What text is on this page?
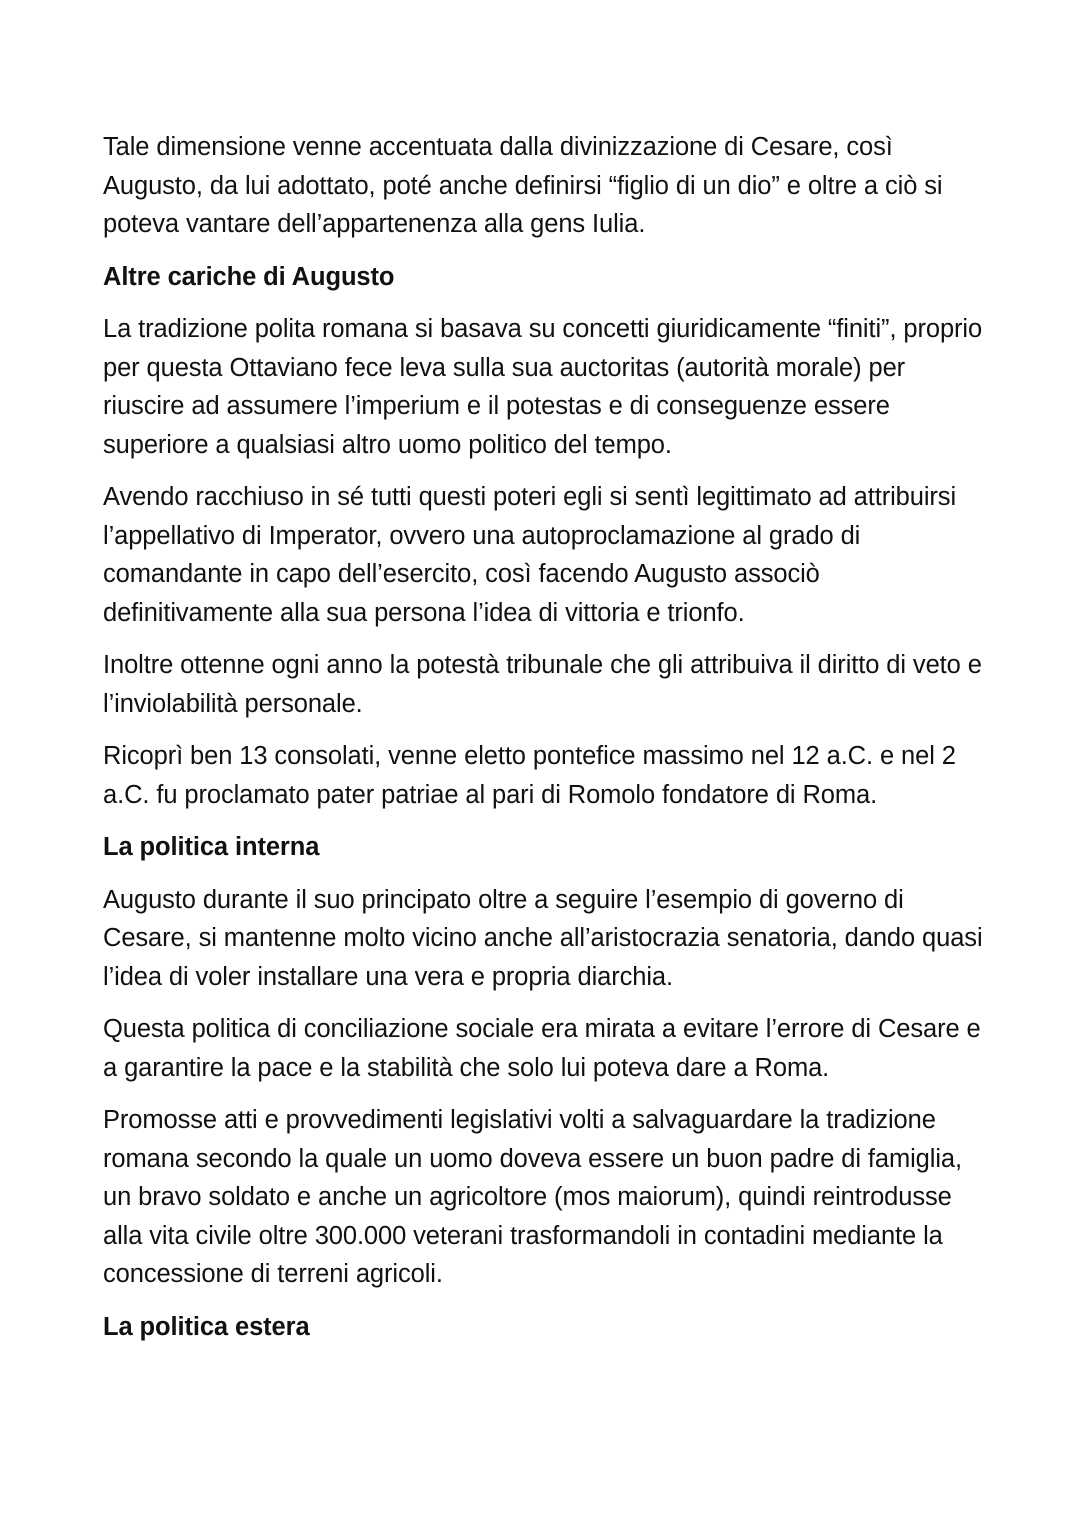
Tale dimensione venne accentuata dalla divinizzazione di Cesare, così Augusto, da lui adottato, poté anche definirsi “figlio di un dio” e oltre a ciò si poteva vantare dell’appartenenza alla gens Iulia.

Altre cariche di Augusto

La tradizione polita romana si basava su concetti giuridicamente “finiti”, proprio per questa Ottaviano fece leva sulla sua auctoritas (autorità morale) per riuscire ad assumere l’imperium e il potestas e di conseguenze essere superiore a qualsiasi altro uomo politico del tempo.

Avendo racchiuso in sé tutti questi poteri egli si sentì legittimato ad attribuirsi l’appellativo di Imperator, ovvero una autoproclamazione al grado di comandante in capo dell’esercito, così facendo Augusto associò definitivamente alla sua persona l’idea di vittoria e trionfo.

Inoltre ottenne ogni anno la potestà tribunale che gli attribuiva il diritto di veto e l’inviolabilità personale.

Ricoprì ben 13 consolati, venne eletto pontefice massimo nel 12 a.C. e nel 2 a.C. fu proclamato pater patriae al pari di Romolo fondatore di Roma.

La politica interna

Augusto durante il suo principato oltre a seguire l’esempio di governo di Cesare, si mantenne molto vicino anche all’aristocrazia senatoria, dando quasi l’idea di voler installare una vera e propria diarchia.

Questa politica di conciliazione sociale era mirata a evitare l’errore di Cesare e a garantire la pace e la stabilità che solo lui poteva dare a Roma.

Promosse atti e provvedimenti legislativi volti a salvaguardare la tradizione romana secondo la quale un uomo doveva essere un buon padre di famiglia, un bravo soldato e anche un agricoltore (mos maiorum), quindi reintrodusse alla vita civile oltre 300.000 veterani trasformandoli in contadini mediante la concessione di terreni agricoli.

La politica estera
